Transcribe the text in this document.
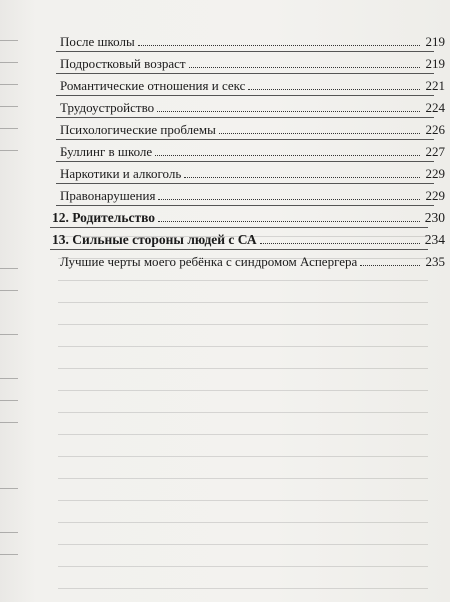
После школы	219
Подростковый возраст	219
Романтические отношения и секс	221
Трудоустройство	224
Психологические проблемы	226
Буллинг в школе	227
Наркотики и алкоголь	229
Правонарушения	229
12. Родительство	230
13. Сильные стороны людей с СА	234
Лучшие черты моего ребёнка с синдромом Аспергера	235
